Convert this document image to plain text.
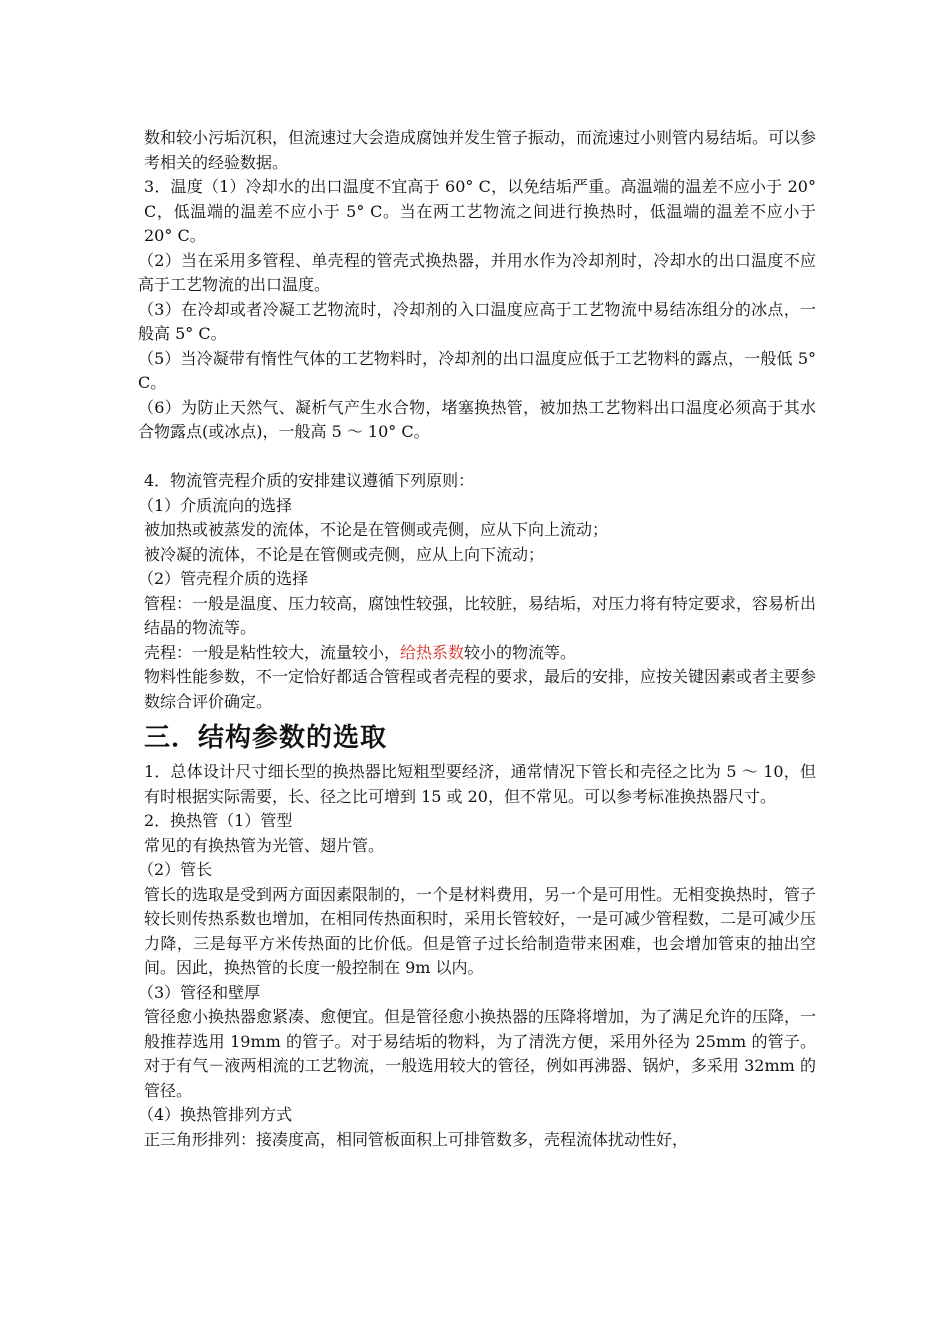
数和较小污垢沉积，但流速过大会造成腐蚀并发生管子振动，而流速过小则管内易结垢。可以参考相关的经验数据。

3．温度（1）冷却水的出口温度不宜高于 60° C，以免结垢严重。高温端的温差不应小于 20° C，低温端的温差不应小于 5° C。当在两工艺物流之间进行换热时，低温端的温差不应小于 20° C。

（2）当在采用多管程、单壳程的管壳式换热器，并用水作为冷却剂时，冷却水的出口温度不应高于工艺物流的出口温度。

（3）在冷却或者冷凝工艺物流时，冷却剂的入口温度应高于工艺物流中易结冻组分的冰点，一般高 5° C。

（5）当冷凝带有惰性气体的工艺物料时，冷却剂的出口温度应低于工艺物料的露点，一般低 5° C。

（6）为防止天然气、凝析气产生水合物，堵塞换热管，被加热工艺物料出口温度必须高于其水合物露点(或冰点)，一般高 5 ～ 10° C。

4．物流管壳程介质的安排建议遵循下列原则：

（1）介质流向的选择

被加热或被蒸发的流体，不论是在管侧或壳侧，应从下向上流动；

被冷凝的流体，不论是在管侧或壳侧，应从上向下流动；

（2）管壳程介质的选择

管程：一般是温度、压力较高，腐蚀性较强，比较脏，易结垢，对压力将有特定要求，容易析出结晶的物流等。

壳程：一般是粘性较大，流量较小，给热系数较小的物流等。

物料性能参数，不一定恰好都适合管程或者壳程的要求，最后的安排，应按关键因素或者主要参数综合评价确定。

三．结构参数的选取

1．总体设计尺寸细长型的换热器比短粗型要经济，通常情况下管长和壳径之比为 5 ～ 10，但有时根据实际需要，长、径之比可增到 15 或 20，但不常见。可以参考标准换热器尺寸。

2．换热管（1）管型

常见的有换热管为光管、翅片管。

（2）管长

管长的选取是受到两方面因素限制的，一个是材料费用，另一个是可用性。无相变换热时，管子较长则传热系数也增加，在相同传热面积时，采用长管较好，一是可减少管程数，二是可减少压力降，三是每平方米传热面的比价低。但是管子过长给制造带来困难，也会增加管束的抽出空间。因此，换热管的长度一般控制在 9m 以内。

（3）管径和壁厚

管径愈小换热器愈紧凑、愈便宜。但是管径愈小换热器的压降将增加，为了满足允许的压降，一般推荐选用 19mm 的管子。对于易结垢的物料，为了清洗方便，采用外径为 25mm 的管子。对于有气－液两相流的工艺物流，一般选用较大的管径，例如再沸器、锅炉，多采用 32mm 的管径。

（4）换热管排列方式

正三角形排列：接凑度高，相同管板面积上可排管数多，壳程流体扰动性好，
